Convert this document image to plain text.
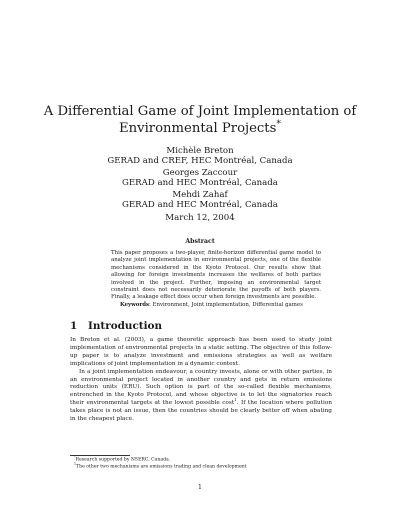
A Differential Game of Joint Implementation of
Environmental Projects*
Michèle Breton
GERAD and CREF, HEC Montréal, Canada
Georges Zaccour
GERAD and HEC Montréal, Canada
Mehdi Zahaf
GERAD and HEC Montréal, Canada
March 12, 2004
Abstract
This paper proposes a two-player, finite-horizon differential game model to analyze joint implementation in environmental projects, one of the flexible mechanisms considered in the Kyoto Protocol. Our results show that allowing for foreign investments increases the welfares of both parties involved in the project. Further, imposing an environmental target constraint does not necessarily deteriorate the payoffs of both players. Finally, a leakage effect does occur when foreign investments are possible.
Keywords: Environment, Joint implementation, Differential games
1 Introduction

In Breton et al. (2003), a game theoretic approach has been used to study joint implementation of environmental projects in a static setting. The objective of this follow-up paper is to analyze investment and emissions strategies as well as welfare implications of joint implementation in a dynamic context.

In a joint implementation endeavour, a country invests, alone or with other parties, in an environmental project located in another country and gets in return emissions reduction units (ERU). Such option is part of the so-called flexible mechanisms, entrenched in the Kyoto Protocol, and whose objective is to let the signatories reach their environmental targets at the lowest possible cost$^1$. If the location where pollution takes place is not an issue, then the countries should be clearly better off when abating in the cheapest place.

*Research supported by NSERC, Canada.
$^1$The other two mechanisms are emissions trading and clean development
1
